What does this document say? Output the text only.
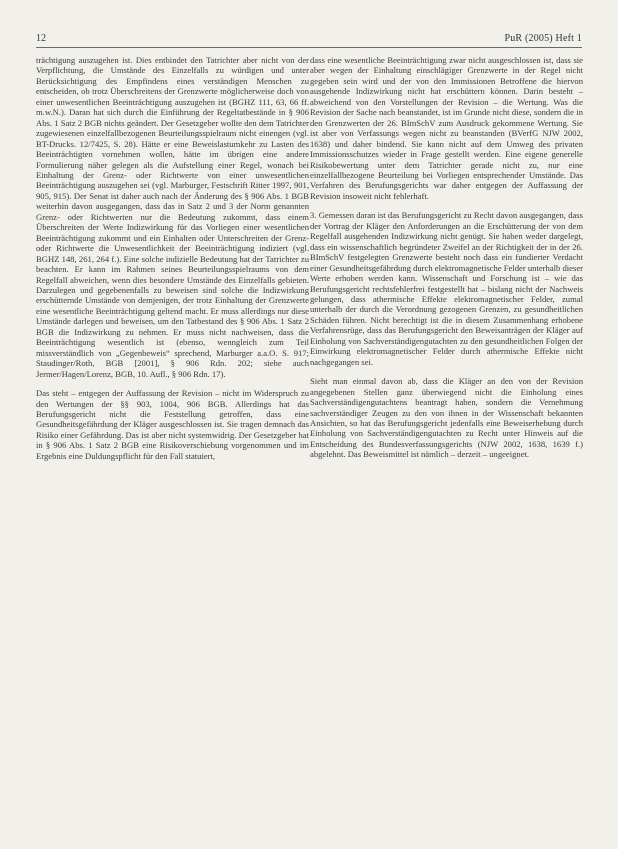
12	PuR (2005) Heft 1

trächtigung auszugehen ist. Dies entbindet den Tatrichter aber nicht von der Verpflichtung, die Umstände des Einzelfalls zu würdigen und unter Berücksichtigung des Empfindens eines verständigen Menschen zu entscheiden, ob trotz Überschreitens der Grenzwerte möglicherweise doch von einer unwesentlichen Beeinträchtigung auszugehen ist (BGHZ 111, 63, 66 ff. m.w.N.). Daran hat sich durch die Einführung der Regeltatbestände in § 906 Abs. 1 Satz 2 BGB nichts geändert. Der Gesetzgeber wollte den dem Tatrichter zugewiesenen einzelfallbezogenen Beurteilungsspielraum nicht einengen (vgl. BT-Drucks. 12/7425, S. 28). Hätte er eine Beweislastumkehr zu Lasten des Beeinträchtigten vornehmen wollen, hätte im übrigen eine andere Formulierung näher gelegen als die Aufstellung einer Regel, wonach bei Einhaltung der Grenz- oder Richtwerte von einer unwesentlichen Beeinträchtigung auszugehen sei (vgl. Marburger, Festschrift Ritter 1997, 901, 905, 915). Der Senat ist daher auch nach der Änderung des § 906 Abs. 1 BGB weiterhin davon ausgegangen, dass das in Satz 2 und 3 der Norm genannten Grenz- oder Richtwerten nur die Bedeutung zukommt, dass einem Überschreiten der Werte Indizwirkung für das Vorliegen einer wesentlichen Beeinträchtigung zukommt und ein Einhalten oder Unterschreiten der Grenz- oder Richtwerte die Unwesentlichkeit der Beeinträchtigung indiziert (vgl. BGHZ 148, 261, 264 f.). Eine solche indizielle Bedeutung hat der Tatrichter zu beachten. Er kann im Rahmen seines Beurteilungsspielraums von dem Regelfall abweichen, wenn dies besondere Umstände des Einzelfalls gebieten. Darzulegen und gegebenenfalls zu beweisen sind solche die Indizwirkung erschütternde Umstände von demjenigen, der trotz Einhaltung der Grenzwerte eine wesentliche Beeinträchtigung geltend macht. Er muss allerdings nur diese Umstände darlegen und beweisen, um den Tatbestand des § 906 Abs. 1 Satz 2 BGB die Indizwirkung zu nehmen. Er muss nicht nachweisen, dass die Beeinträchtigung wesentlich ist (ebenso, wenngleich zum Teil missverständlich von „Gegenbeweis“ sprechend, Marburger a.a.O. S. 917; Staudinger/Roth, BGB [2001], § 906 Rdn. 202; siehe auch Jermer/Hagen/Lorenz, BGB, 10. Aufl., § 906 Rdn. 17).

Das steht – entgegen der Auffassung der Revision – nicht im Widerspruch zu den Wertungen der §§ 903, 1004, 906 BGB. Allerdings hat das Berufungsgericht nicht die Feststellung getroffen, dass eine Gesundheitsgefährdung der Kläger ausgeschlossen ist. Sie tragen demnach das Risiko einer Gefährdung. Das ist aber nicht systemwidrig. Der Gesetzgeber hat in § 906 Abs. 1 Satz 2 BGB eine Risikoverschiebung vorgenommen und im Ergebnis eine Duldungspflicht für den Fall statuiert,

dass eine wesentliche Beeinträchtigung zwar nicht ausgeschlossen ist, dass sie aber wegen der Einhaltung einschlägiger Grenzwerte in der Regel nicht gegeben sein wird und der von den Immissionen Betroffene die hiervon ausgehende Indizwirkung nicht hat erschüttern können. Darin besteht – abweichend von den Vorstellungen der Revision – die Wertung. Was die Revision der Sache nach beanstandet, ist im Grunde nicht diese, sondern die in den Grenzwerten der 26. BImSchV zum Ausdruck gekommene Wertung. Sie ist aber von Verfassungs wegen nicht zu beanstanden (BVerfG NJW 2002, 1638) und daher bindend. Sie kann nicht auf dem Umweg des privaten Immissionsschutzes wieder in Frage gestellt werden. Eine eigene generelle Risikobewertung unter dem Tatrichter gerade nicht zu, nur eine einzelfallbezogene Beurteilung bei Vorliegen entsprechender Umstände. Das Verfahren des Berufungsgerichts war daher entgegen der Auffassung der Revision insoweit nicht fehlerhaft.

3. Gemessen daran ist das Berufungsgericht zu Recht davon ausgegangen, dass der Vortrag der Kläger den Anforderungen an die Erschütterung der von dem Regelfall ausgehenden Indizwirkung nicht genügt. Sie haben weder dargelegt, dass ein wissenschaftlich begründeter Zweifel an der Richtigkeit der in der 26. BImSchV festgelegten Grenzwerte besteht noch dass ein fundierter Verdacht einer Gesundheitsgefährdung durch elektromagnetische Felder unterhalb dieser Werte erhoben werden kann. Wissenschaft und Forschung ist – wie das Berufungsgericht rechtsfehlerfrei festgestellt hat – bislang nicht der Nachweis gelungen, dass athermische Effekte elektromagnetischer Felder, zumal unterhalb der durch die Verordnung gezogenen Grenzen, zu gesundheitlichen Schäden führen. Nicht berechtigt ist die in diesem Zusammenhang erhobene Verfahrensrüge, dass das Berufungsgericht den Beweisanträgen der Kläger auf Einholung von Sachverständigengutachten zu den gesundheitlichen Folgen der Einwirkung elektromagnetischer Felder durch athermische Effekte nicht nachgegangen sei.

Sieht man einmal davon ab, dass die Kläger an den von der Revision angegebenen Stellen ganz überwiegend nicht die Einholung eines Sachverständigengutachtens beantragt haben, sondern die Vernehmung sachverständiger Zeugen zu den von ihnen in der Wissenschaft bekannten Ansichten, so hat das Berufungsgericht jedenfalls eine Beweiserhebung durch Einholung von Sachverständigengutachten zu Recht unter Hinweis auf die Entscheidung des Bundesverfassungsgerichts (NJW 2002, 1638, 1639 f.) abgelehnt. Das Beweismittel ist nämlich – derzeit – ungeeignet.
